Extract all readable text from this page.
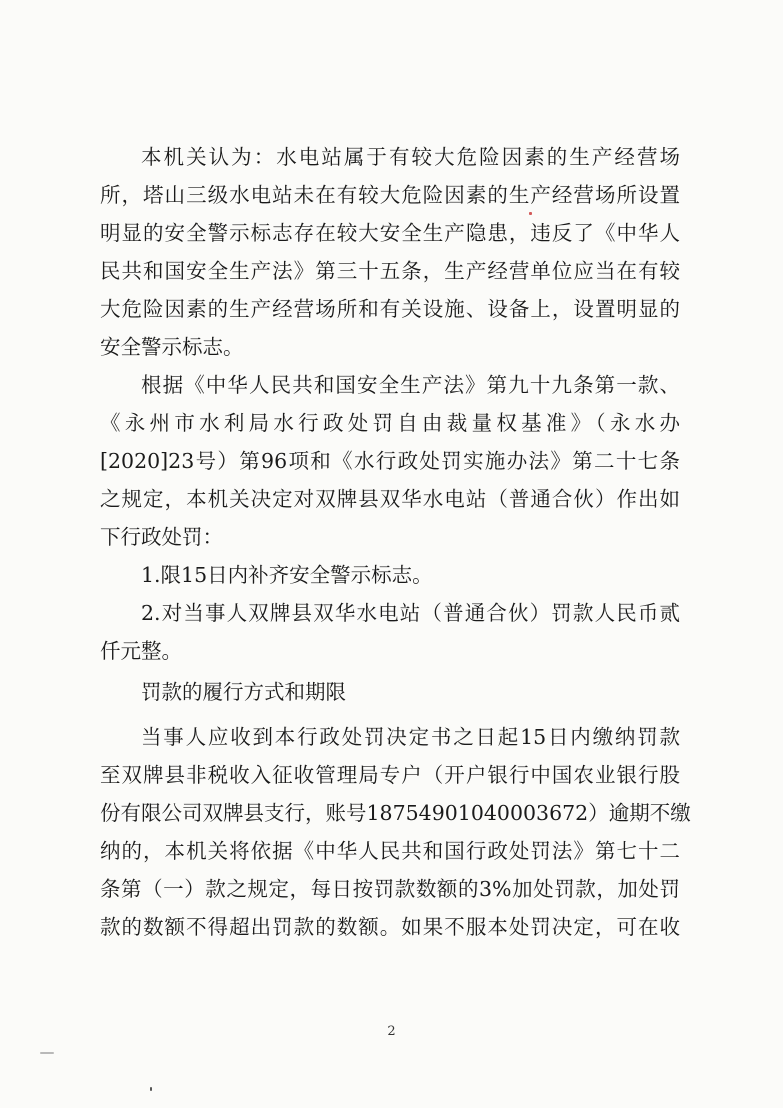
本机关认为：水电站属于有较大危险因素的生产经营场
所，塔山三级水电站未在有较大危险因素的生产经营场所设置
明显的安全警示标志存在较大安全生产隐患，违反了《中华人
民共和国安全生产法》第三十五条，生产经营单位应当在有较
大危险因素的生产经营场所和有关设施、设备上，设置明显的
安全警示标志。
根据《中华人民共和国安全生产法》第九十九条第一款、
《永州市水利局水行政处罚自由裁量权基准》（永水办
[2020]23号）第96项和《水行政处罚实施办法》第二十七条
之规定，本机关决定对双牌县双华水电站（普通合伙）作出如
下行政处罚：
1.限15日内补齐安全警示标志。
2.对当事人双牌县双华水电站（普通合伙）罚款人民币贰
仟元整。
罚款的履行方式和期限
当事人应收到本行政处罚决定书之日起15日内缴纳罚款
至双牌县非税收入征收管理局专户（开户银行中国农业银行股
份有限公司双牌县支行，账号18754901040003672）逾期不缴
纳的，本机关将依据《中华人民共和国行政处罚法》第七十二
条第（一）款之规定，每日按罚款数额的3%加处罚款，加处罚
款的数额不得超出罚款的数额。如果不服本处罚决定，可在收
2
